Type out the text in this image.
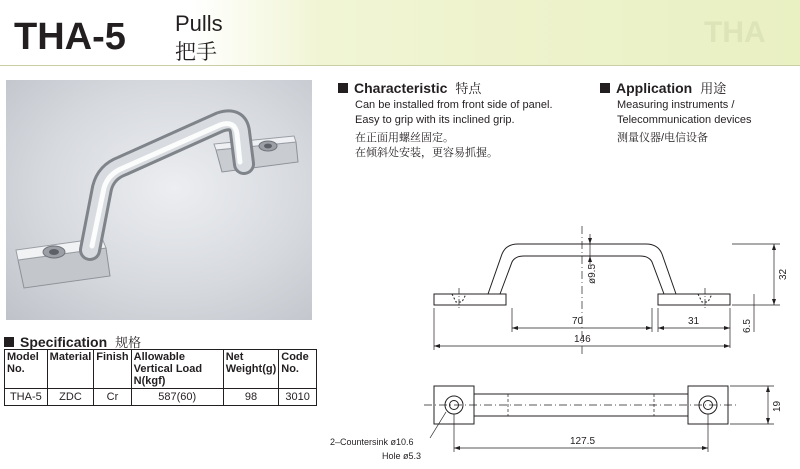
THA-5 Pulls
把手
THA
Specification 规格
Model No.	Material	Finish	Allowable Vertical Load N(kgf)	Net Weight(g)	Code No.
THA-5	ZDC	Cr	587(60)	98	3010
Characteristic 特点
Can be installed from front side of panel.
Easy to grip with its inclined grip.
在正面用螺丝固定。
在倾斜处安装，更容易抓握。
Application 用途
Measuring instruments /
Telecommunication devices
测量仪器/电信设备
ø9.5	32
70	31	6.5
146
19
127.5
2–Countersink ø10.6
Hole ø5.3
